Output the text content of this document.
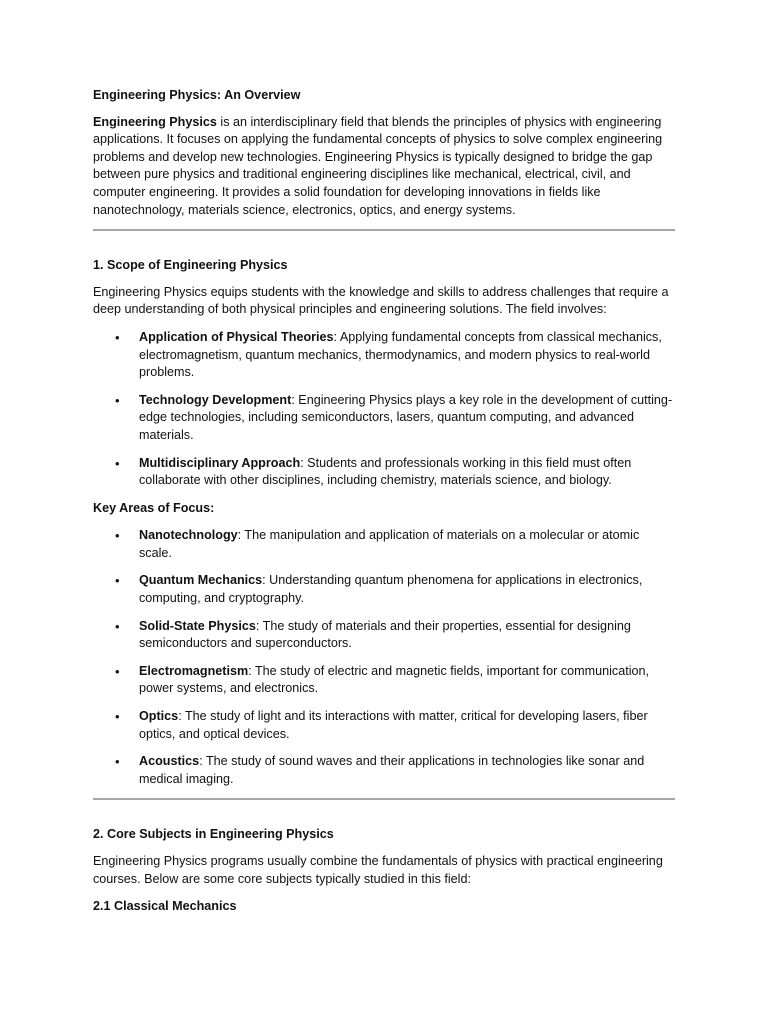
Engineering Physics: An Overview

Engineering Physics is an interdisciplinary field that blends the principles of physics with engineering applications. It focuses on applying the fundamental concepts of physics to solve complex engineering problems and develop new technologies. Engineering Physics is typically designed to bridge the gap between pure physics and traditional engineering disciplines like mechanical, electrical, civil, and computer engineering. It provides a solid foundation for developing innovations in fields like nanotechnology, materials science, electronics, optics, and energy systems.

1. Scope of Engineering Physics

Engineering Physics equips students with the knowledge and skills to address challenges that require a deep understanding of both physical principles and engineering solutions. The field involves:

• Application of Physical Theories: Applying fundamental concepts from classical mechanics, electromagnetism, quantum mechanics, thermodynamics, and modern physics to real-world problems.
• Technology Development: Engineering Physics plays a key role in the development of cutting-edge technologies, including semiconductors, lasers, quantum computing, and advanced materials.
• Multidisciplinary Approach: Students and professionals working in this field must often collaborate with other disciplines, including chemistry, materials science, and biology.

Key Areas of Focus:

• Nanotechnology: The manipulation and application of materials on a molecular or atomic scale.
• Quantum Mechanics: Understanding quantum phenomena for applications in electronics, computing, and cryptography.
• Solid-State Physics: The study of materials and their properties, essential for designing semiconductors and superconductors.
• Electromagnetism: The study of electric and magnetic fields, important for communication, power systems, and electronics.
• Optics: The study of light and its interactions with matter, critical for developing lasers, fiber optics, and optical devices.
• Acoustics: The study of sound waves and their applications in technologies like sonar and medical imaging.

2. Core Subjects in Engineering Physics

Engineering Physics programs usually combine the fundamentals of physics with practical engineering courses. Below are some core subjects typically studied in this field:

2.1 Classical Mechanics
